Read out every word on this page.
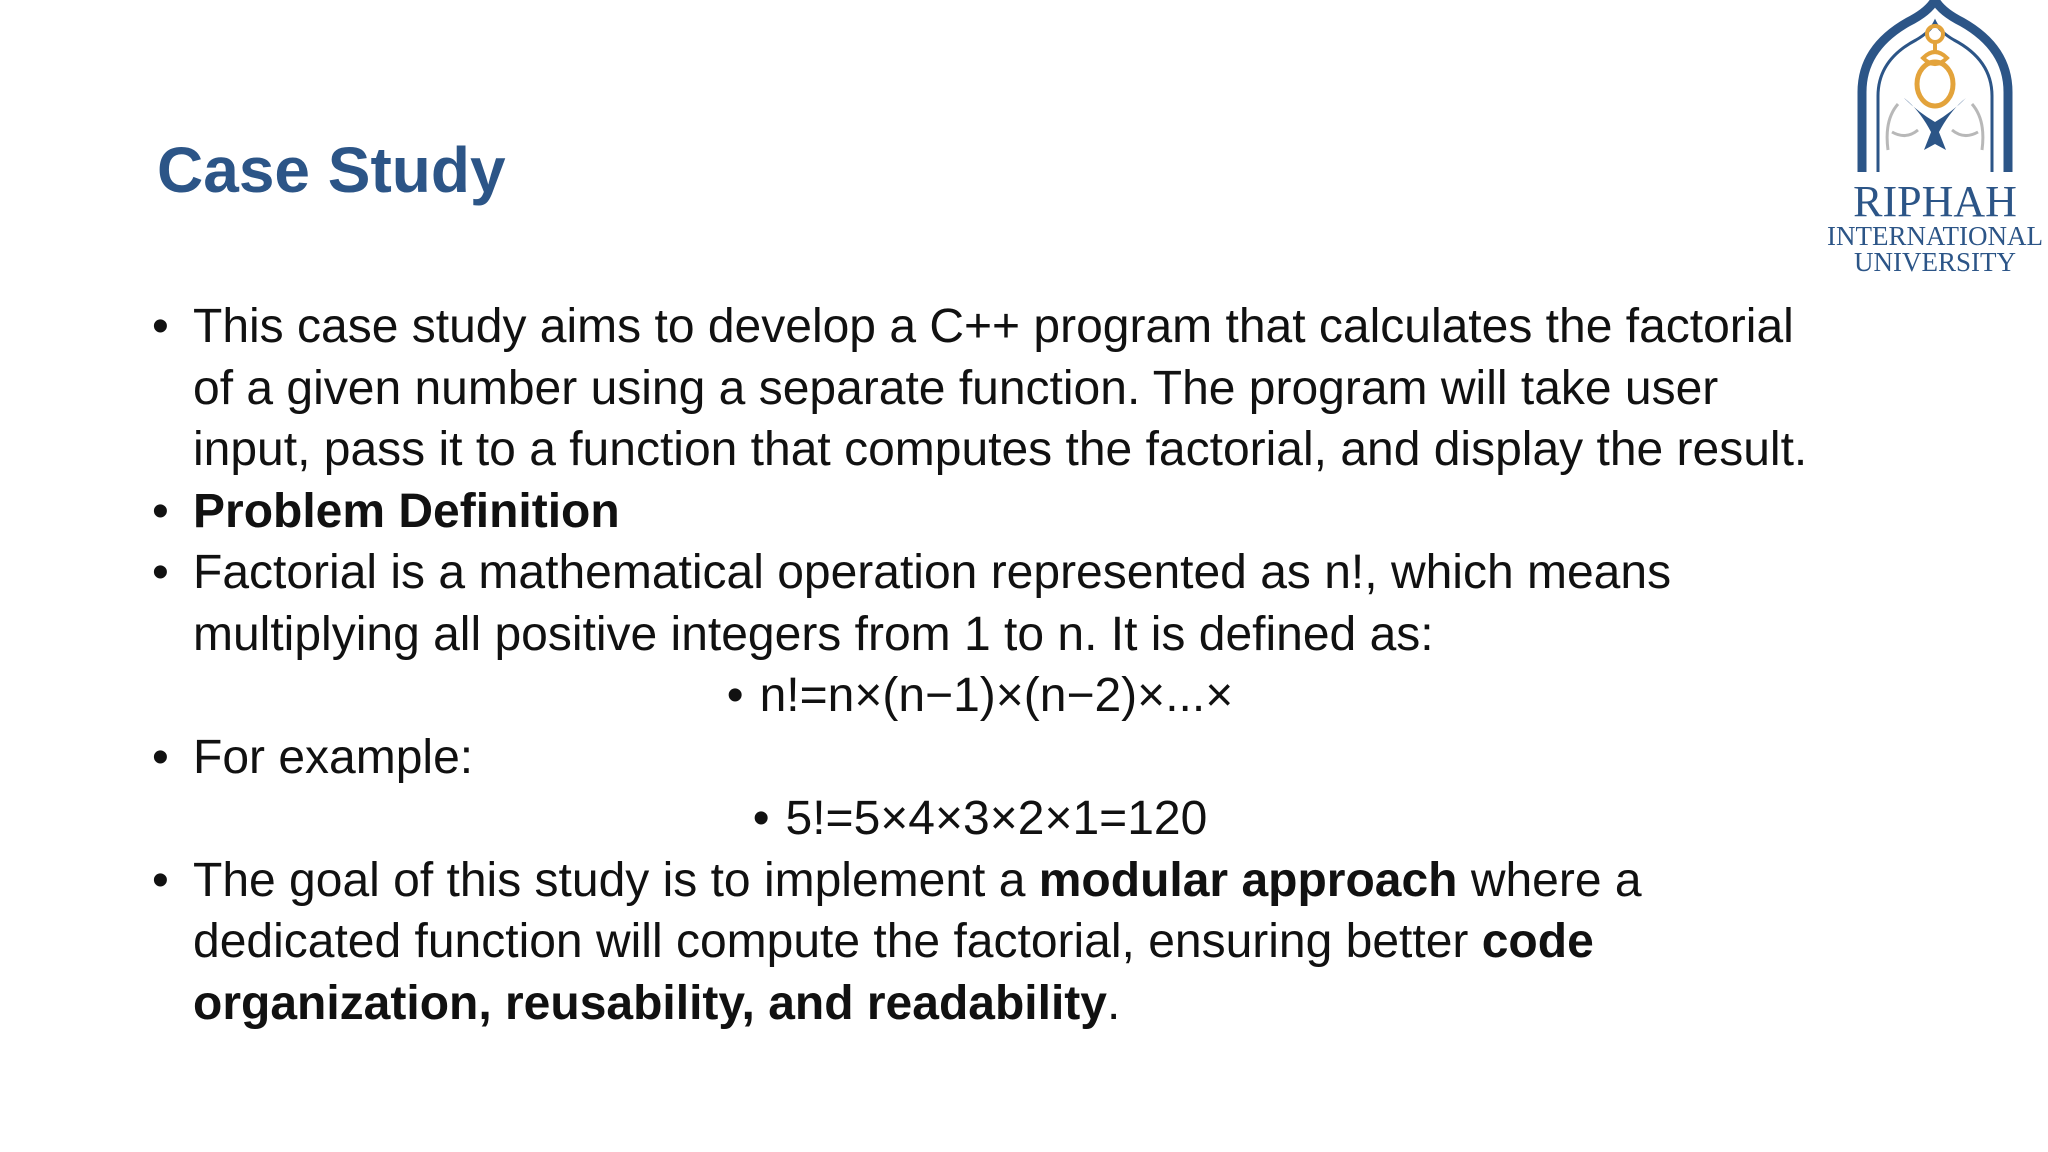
Case Study	RIPHAH
INTERNATIONAL
UNIVERSITY
• This case study aims to develop a C++ program that calculates the factorial of a given number using a separate function. The program will take user input, pass it to a function that computes the factorial, and display the result.
• Problem Definition
• Factorial is a mathematical operation represented as n!, which means multiplying all positive integers from 1 to n. It is defined as:
• n!=n×(n−1)×(n−2)×...×
• For example:
• 5!=5×4×3×2×1=120
• The goal of this study is to implement a modular approach where a dedicated function will compute the factorial, ensuring better code organization, reusability, and readability.
